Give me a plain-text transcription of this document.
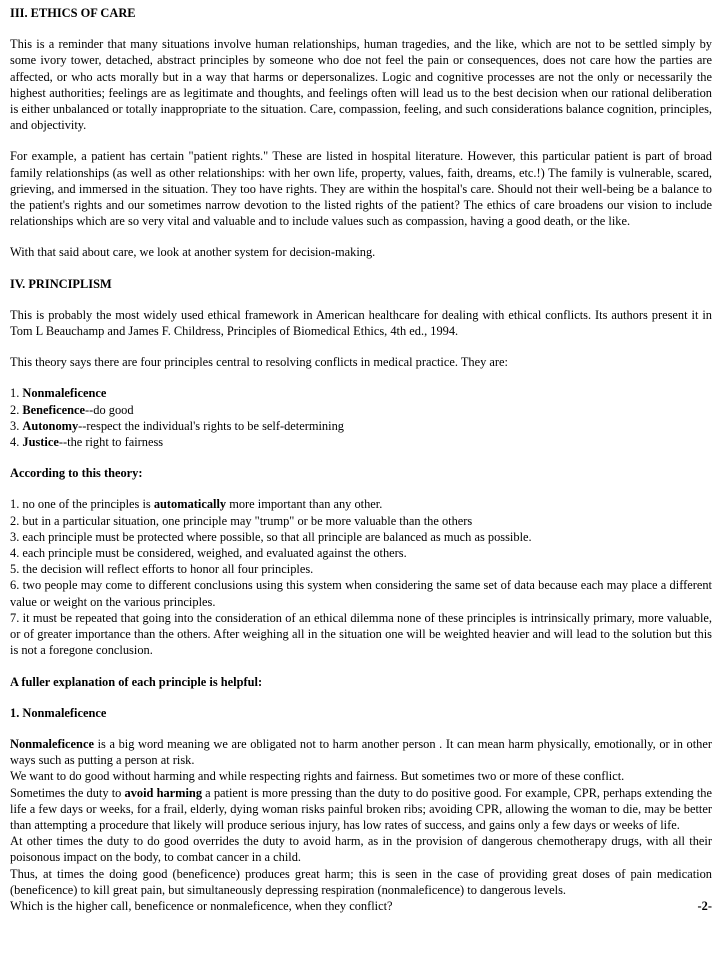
III. ETHICS OF CARE

This is a reminder that many situations involve human relationships, human tragedies, and the like, which are not to be settled simply by some ivory tower, detached, abstract principles by someone who doe not feel the pain or consequences, does not care how the parties are affected, or who acts morally but in a way that harms or depersonalizes. Logic and cognitive processes are not the only or necessarily the highest authorities; feelings are as legitimate and thoughts, and feelings often will lead us to the best decision when our rational deliberation is either unbalanced or totally inappropriate to the situation. Care, compassion, feeling, and such considerations balance cognition, principles, and objectivity.

For example, a patient has certain "patient rights." These are listed in hospital literature. However, this particular patient is part of broad family relationships (as well as other relationships: with her own life, property, values, faith, dreams, etc.!) The family is vulnerable, scared, grieving, and immersed in the situation. They too have rights. They are within the hospital's care. Should not their well-being be a balance to the patient's rights and our sometimes narrow devotion to the listed rights of the patient? The ethics of care broadens our vision to include relationships which are so very vital and valuable and to include values such as compassion, having a good death, or the like.

With that said about care, we look at another system for decision-making.

IV. PRINCIPLISM

This is probably the most widely used ethical framework in American healthcare for dealing with ethical conflicts. Its authors present it in Tom L Beauchamp and James F. Childress, Principles of Biomedical Ethics, 4th ed., 1994.

This theory says there are four principles central to resolving conflicts in medical practice. They are:

1. Nonmaleficence

2. Beneficence--do good

3. Autonomy--respect the individual's rights to be self-determining

4. Justice--the right to fairness

According to this theory:

1. no one of the principles is automatically more important than any other.

2. but in a particular situation, one principle may "trump" or be more valuable than the others

3. each principle must be protected where possible, so that all principle are balanced as much as possible.

4. each principle must be considered, weighed, and evaluated against the others.

5. the decision will reflect efforts to honor all four principles.

6. two people may come to different conclusions using this system when considering the same set of data because each may place a different value or weight on the various principles.

7. it must be repeated that going into the consideration of an ethical dilemma none of these principles is intrinsically primary, more valuable, or of greater importance than the others. After weighing all in the situation one will be weighted heavier and will lead to the solution but this is not a foregone conclusion.

A fuller explanation of each principle is helpful:

1. Nonmaleficence

Nonmaleficence is a big word meaning we are obligated not to harm another person . It can mean harm physically, emotionally, or in other ways such as putting a person at risk.

We want to do good without harming and while respecting rights and fairness. But sometimes two or more of these conflict.

Sometimes the duty to avoid harming a patient is more pressing than the duty to do positive good. For example, CPR, perhaps extending the life a few days or weeks, for a frail, elderly, dying woman risks painful broken ribs; avoiding CPR, allowing the woman to die, may be better than attempting a procedure that likely will produce serious injury, has low rates of success, and gains only a few days or weeks of life.

At other times the duty to do good overrides the duty to avoid harm, as in the provision of dangerous chemotherapy drugs, with all their poisonous impact on the body, to combat cancer in a child.

Thus, at times the doing good (beneficence) produces great harm; this is seen in the case of providing great doses of pain medication (beneficence) to kill great pain, but simultaneously depressing respiration (nonmaleficence) to dangerous levels.

Which is the higher call, beneficence or nonmaleficence, when they conflict?	-2-
